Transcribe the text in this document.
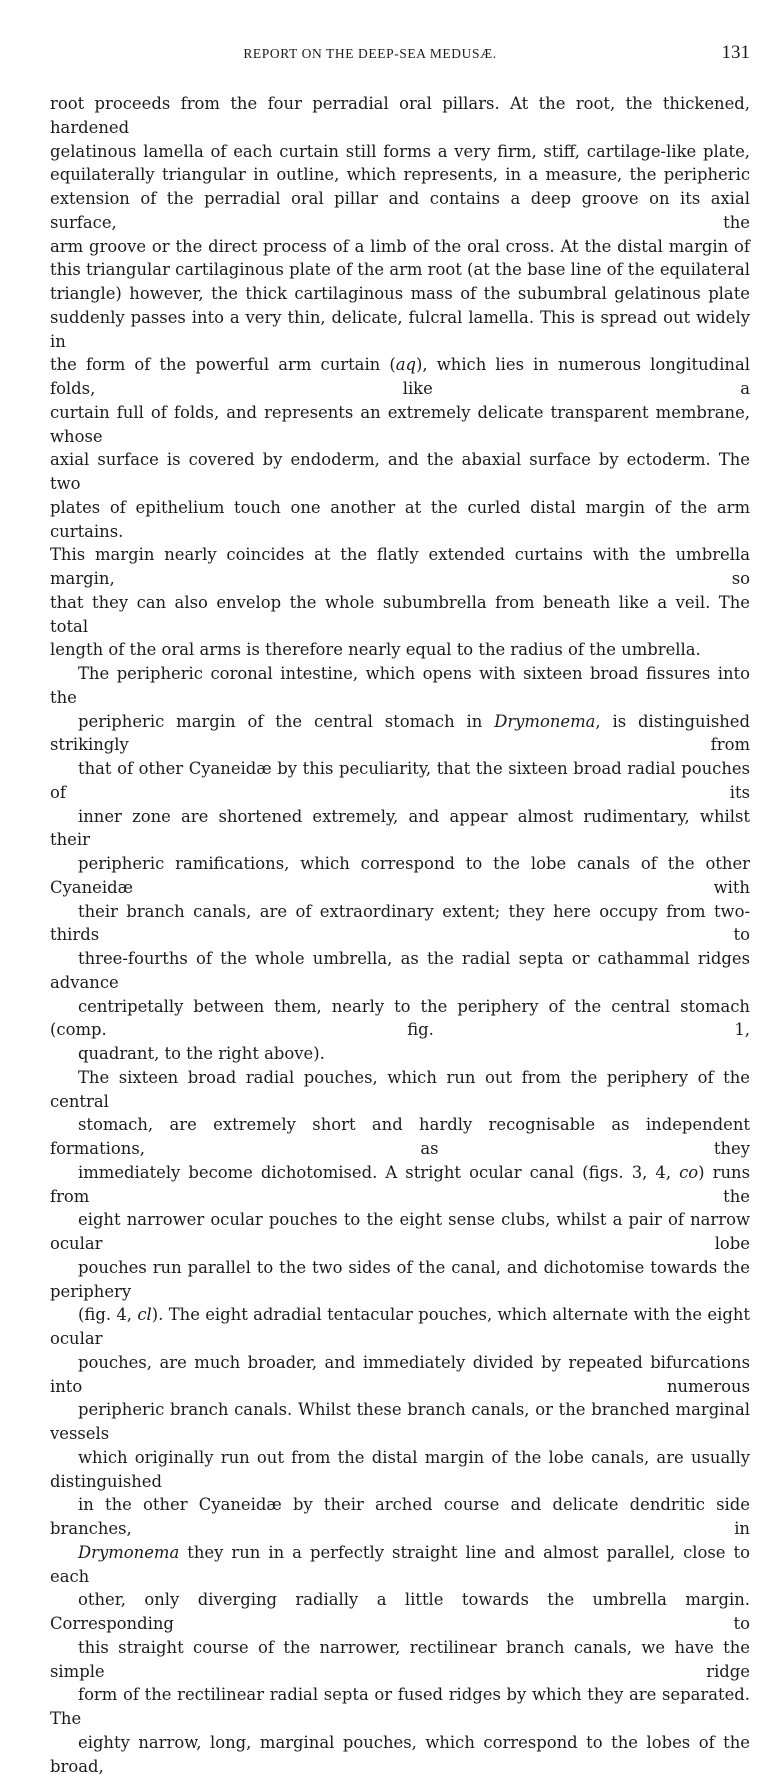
REPORT ON THE DEEP-SEA MEDUSÆ.	131

root proceeds from the four perradial oral pillars. At the root, the thickened, hardened
gelatinous lamella of each curtain still forms a very firm, stiff, cartilage-like plate,
equilaterally triangular in outline, which represents, in a measure, the peripheric
extension of the perradial oral pillar and contains a deep groove on its axial surface, the
arm groove or the direct process of a limb of the oral cross. At the distal margin of
this triangular cartilaginous plate of the arm root (at the base line of the equilateral
triangle) however, the thick cartilaginous mass of the subumbral gelatinous plate
suddenly passes into a very thin, delicate, fulcral lamella. This is spread out widely in
the form of the powerful arm curtain (aq), which lies in numerous longitudinal folds, like a
curtain full of folds, and represents an extremely delicate transparent membrane, whose
axial surface is covered by endoderm, and the abaxial surface by ectoderm. The two
plates of epithelium touch one another at the curled distal margin of the arm curtains.
This margin nearly coincides at the flatly extended curtains with the umbrella margin, so
that they can also envelop the whole subumbrella from beneath like a veil. The total
length of the oral arms is therefore nearly equal to the radius of the umbrella.

The peripheric coronal intestine, which opens with sixteen broad fissures into the
peripheric margin of the central stomach in Drymonema, is distinguished strikingly from
that of other Cyaneidæ by this peculiarity, that the sixteen broad radial pouches of its
inner zone are shortened extremely, and appear almost rudimentary, whilst their
peripheric ramifications, which correspond to the lobe canals of the other Cyaneidæ with
their branch canals, are of extraordinary extent; they here occupy from two-thirds to
three-fourths of the whole umbrella, as the radial septa or cathammal ridges advance
centripetally between them, nearly to the periphery of the central stomach (comp. fig. 1,
quadrant, to the right above).

The sixteen broad radial pouches, which run out from the periphery of the central
stomach, are extremely short and hardly recognisable as independent formations, as they
immediately become dichotomised. A stright ocular canal (figs. 3, 4, co) runs from the
eight narrower ocular pouches to the eight sense clubs, whilst a pair of narrow ocular lobe
pouches run parallel to the two sides of the canal, and dichotomise towards the periphery
(fig. 4, cl). The eight adradial tentacular pouches, which alternate with the eight ocular
pouches, are much broader, and immediately divided by repeated bifurcations into numerous
peripheric branch canals. Whilst these branch canals, or the branched marginal vessels
which originally run out from the distal margin of the lobe canals, are usually distinguished
in the other Cyaneidæ by their arched course and delicate dendritic side branches, in
Drymonema they run in a perfectly straight line and almost parallel, close to each
other, only diverging radially a little towards the umbrella margin. Corresponding to
this straight course of the narrower, rectilinear branch canals, we have the simple ridge
form of the rectilinear radial septa or fused ridges by which they are separated. The
eighty narrow, long, marginal pouches, which correspond to the lobes of the broad,
